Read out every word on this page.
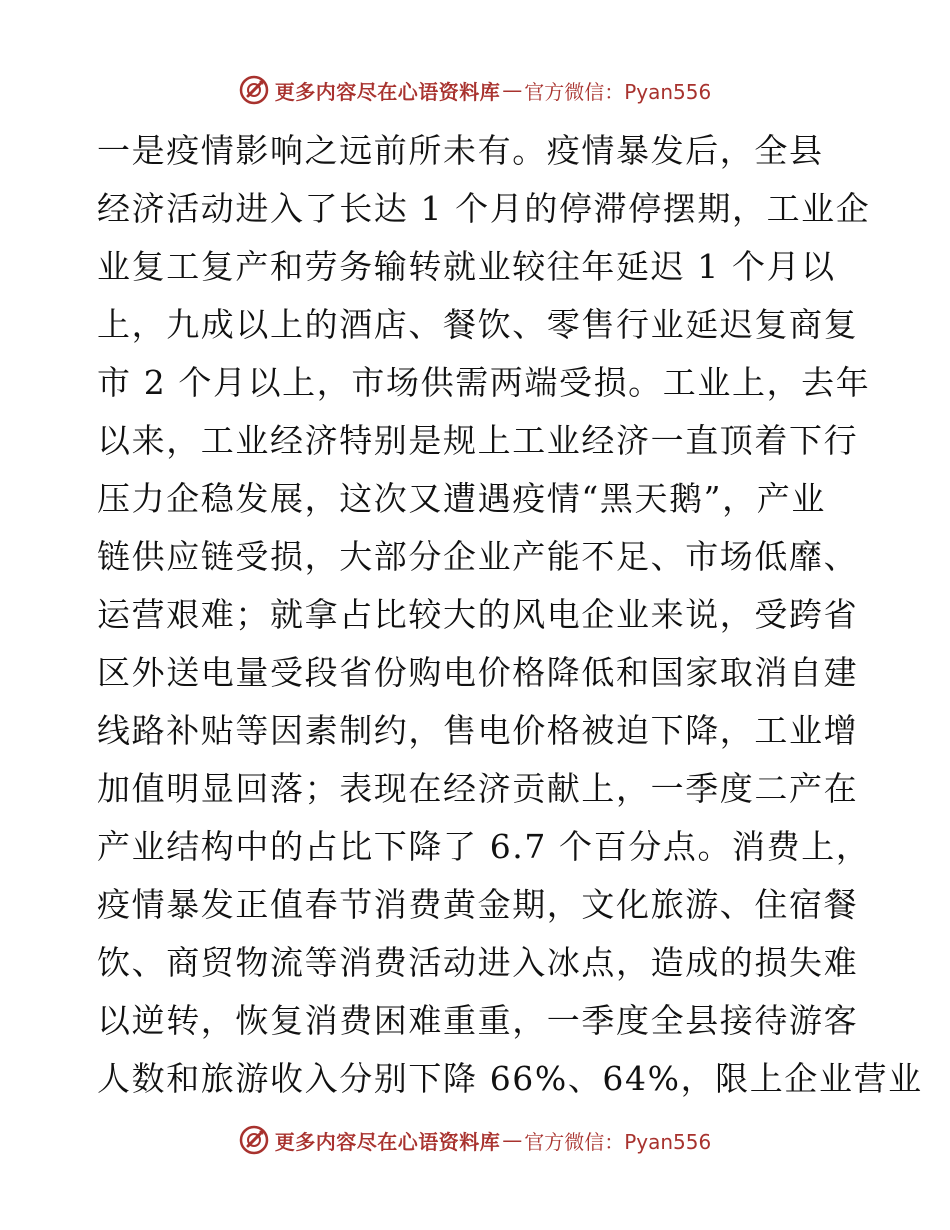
更多内容尽在心语资料库 — 官方微信：Pyan556
一是疫情影响之远前所未有。疫情暴发后，全县
经济活动进入了长达 1 个月的停滞停摆期，工业企
业复工复产和劳务输转就业较往年延迟 1 个月以
上，九成以上的酒店、餐饮、零售行业延迟复商复
市 2 个月以上，市场供需两端受损。工业上，去年
以来，工业经济特别是规上工业经济一直顶着下行
压力企稳发展，这次又遭遇疫情“黑天鹅”，产业
链供应链受损，大部分企业产能不足、市场低靡、
运营艰难；就拿占比较大的风电企业来说，受跨省
区外送电量受段省份购电价格降低和国家取消自建
线路补贴等因素制约，售电价格被迫下降，工业增
加值明显回落；表现在经济贡献上，一季度二产在
产业结构中的占比下降了 6.7 个百分点。消费上，
疫情暴发正值春节消费黄金期，文化旅游、住宿餐
饮、商贸物流等消费活动进入冰点，造成的损失难
以逆转，恢复消费困难重重，一季度全县接待游客
人数和旅游收入分别下降 66%、64%，限上企业营业
更多内容尽在心语资料库 — 官方微信：Pyan556
